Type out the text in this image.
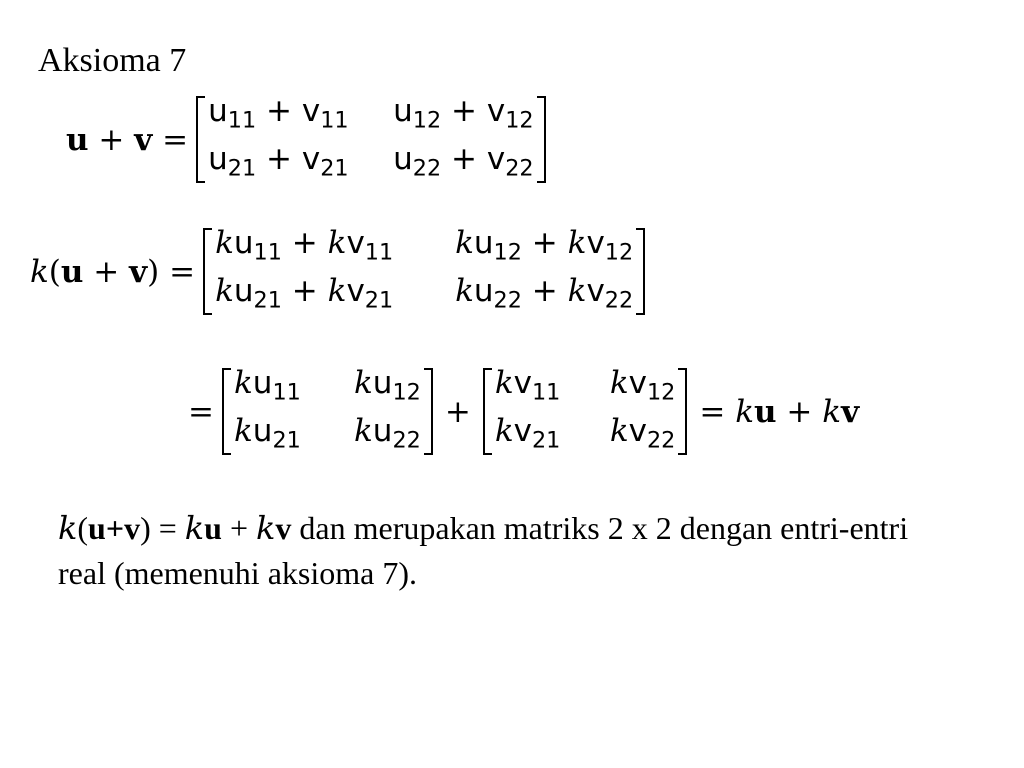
Aksioma 7
u + v =
$u_{11} + v_{11}$	$u_{12} + v_{12}$
$u_{21} + v_{21}$	$u_{22} + v_{22}$
k(u + v) =
$ku_{11} + kv_{11}$	$ku_{12} + kv_{12}$
$ku_{21} + kv_{21}$	$ku_{22} + kv_{22}$
=
$ku_{11}$	$ku_{12}$
$ku_{21}$	$ku_{22}$
+
$kv_{11}$	$kv_{12}$
$kv_{21}$	$kv_{22}$
= ku + kv
k(u+v) = ku + kv dan merupakan matriks 2 x 2 dengan entri-entri real (memenuhi aksioma 7).
